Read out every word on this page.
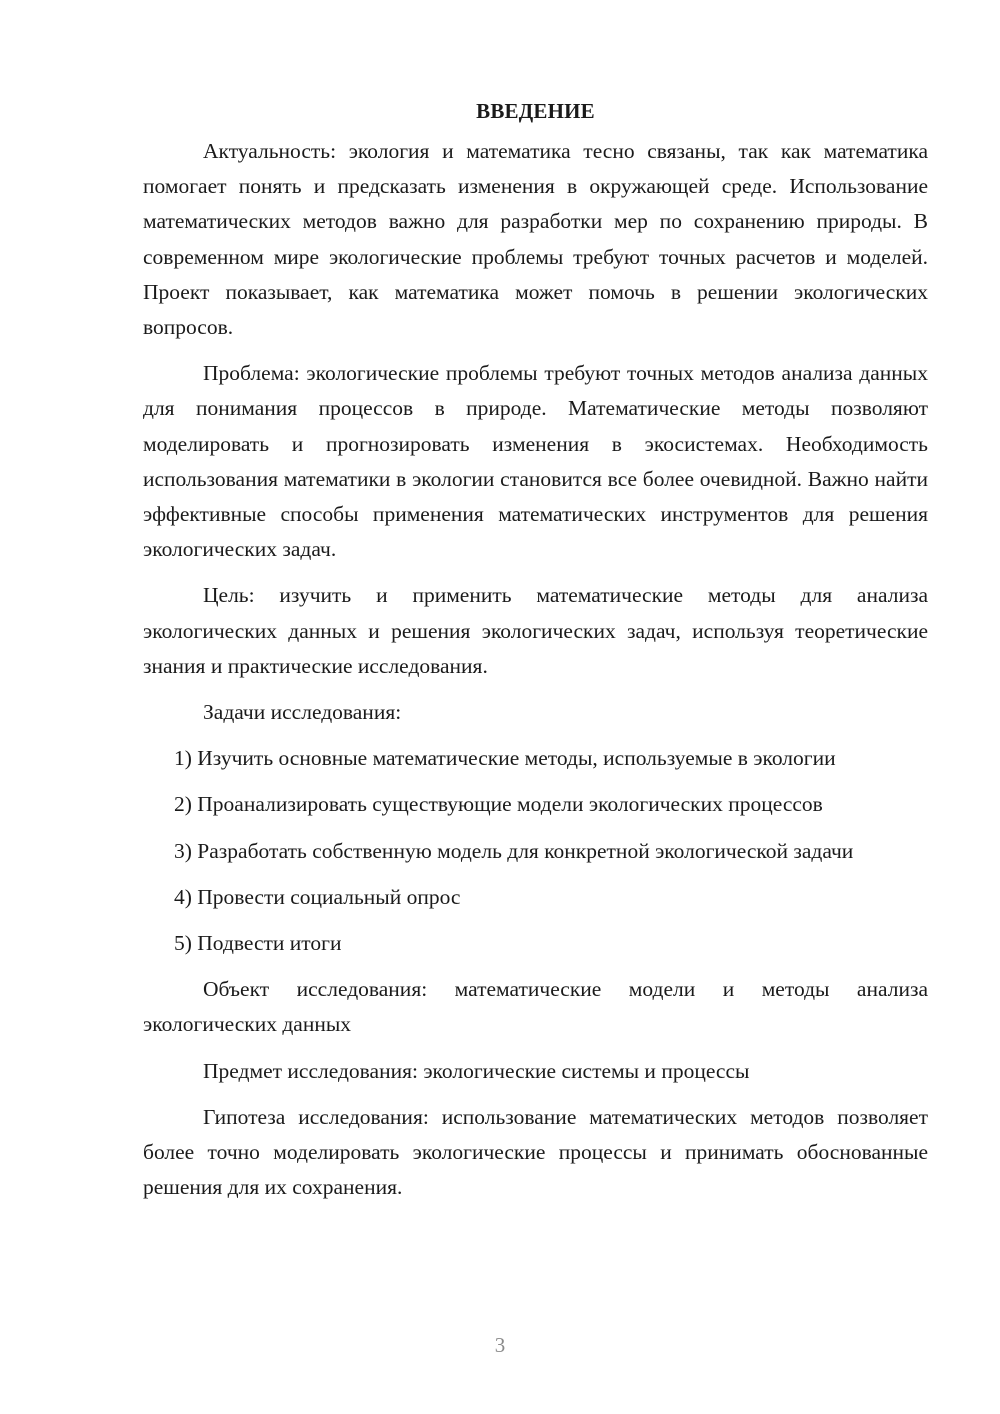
ВВЕДЕНИЕ

Актуальность: экология и математика тесно связаны, так как математика помогает понять и предсказать изменения в окружающей среде. Использование математических методов важно для разработки мер по сохранению природы. В современном мире экологические проблемы требуют точных расчетов и моделей. Проект показывает, как математика может помочь в решении экологических вопросов.

Проблема: экологические проблемы требуют точных методов анализа данных для понимания процессов в природе. Математические методы позволяют моделировать и прогнозировать изменения в экосистемах. Необходимость использования математики в экологии становится все более очевидной. Важно найти эффективные способы применения математических инструментов для решения экологических задач.

Цель: изучить и применить математические методы для анализа экологических данных и решения экологических задач, используя теоретические знания и практические исследования.

Задачи исследования:

1) Изучить основные математические методы, используемые в экологии

2) Проанализировать существующие модели экологических процессов

3) Разработать собственную модель для конкретной экологической задачи

4) Провести социальный опрос

5) Подвести итоги

Объект исследования: математические модели и методы анализа экологических данных

Предмет исследования: экологические системы и процессы

Гипотеза исследования: использование математических методов позволяет более точно моделировать экологические процессы и принимать обоснованные решения для их сохранения.

3
